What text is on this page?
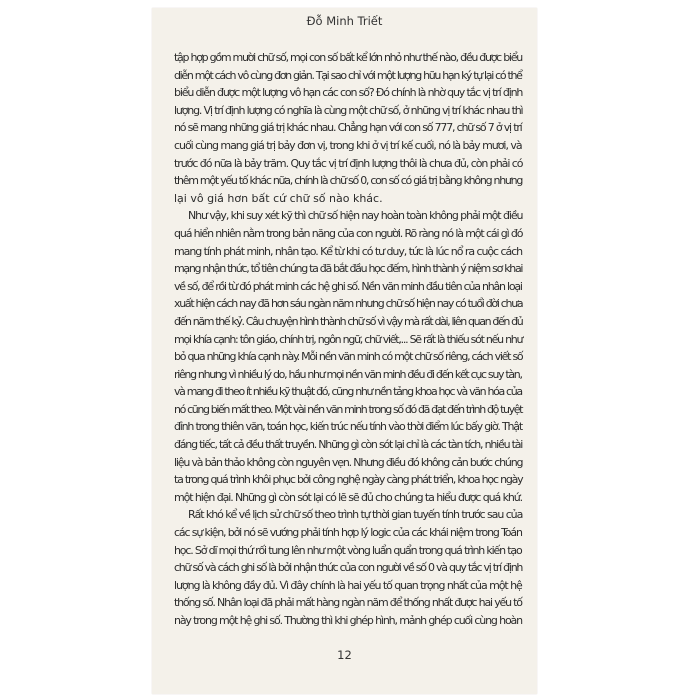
Đỗ Minh Triết
tập hợp gồm mười chữ số, mọi con số bất kể lớn nhỏ như thế nào, đều được biểu
diễn một cách vô cùng đơn giản. Tại sao chỉ với một lượng hữu hạn ký tự lại có thể
biểu diễn được một lượng vô hạn các con số? Đó chính là nhờ quy tắc vị trí định
lượng. Vị trí định lượng có nghĩa là cùng một chữ số, ở những vị trí khác nhau thì
nó sẽ mang những giá trị khác nhau. Chẳng hạn với con số 777, chữ số 7 ở vị trí
cuối cùng mang giá trị bảy đơn vị, trong khi ở vị trí kế cuối, nó là bảy mươi, và
trước đó nữa là bảy trăm. Quy tắc vị trí định lượng thôi là chưa đủ, còn phải có
thêm một yếu tố khác nữa, chính là chữ số 0, con số có giá trị bằng không nhưng
lại vô giá hơn bất cứ chữ số nào khác.
Như vậy, khi suy xét kỹ thì chữ số hiện nay hoàn toàn không phải một điều
quá hiển nhiên nằm trong bản năng của con người. Rõ ràng nó là một cái gì đó
mang tính phát minh, nhân tạo. Kể từ khi có tư duy, tức là lúc nổ ra cuộc cách
mạng nhận thức, tổ tiên chúng ta đã bắt đầu học đếm, hình thành ý niệm sơ khai
về số, để rồi từ đó phát minh các hệ ghi số. Nền văn minh đầu tiên của nhân loại
xuất hiện cách nay đã hơn sáu ngàn năm nhưng chữ số hiện nay có tuổi đời chưa
đến năm thế kỷ. Câu chuyện hình thành chữ số vì vậy mà rất dài, liên quan đến đủ
mọi khía cạnh: tôn giáo, chính trị, ngôn ngữ, chữ viết,... Sẽ rất là thiếu sót nếu như
bỏ qua những khía cạnh này. Mỗi nền văn minh có một chữ số riêng, cách viết số
riêng nhưng vì nhiều lý do, hầu như mọi nền văn minh đều đi đến kết cục suy tàn,
và mang đi theo ít nhiều kỹ thuật đó, cũng như nền tảng khoa học và văn hóa của
nó cũng biến mất theo. Một vài nền văn minh trong số đó đã đạt đến trình độ tuyệt
đỉnh trong thiên văn, toán học, kiến trúc nếu tính vào thời điểm lúc bấy giờ. Thật
đáng tiếc, tất cả đều thất truyền. Những gì còn sót lại chỉ là các tàn tích, nhiều tài
liệu và bản thảo không còn nguyên vẹn. Nhưng điều đó không cản bước chúng
ta trong quá trình khôi phục bởi công nghệ ngày càng phát triển, khoa học ngày
một hiện đại. Những gì còn sót lại có lẽ sẽ đủ cho chúng ta hiểu được quá khứ.
Rất khó kể về lịch sử chữ số theo trình tự thời gian tuyến tính trước sau của
các sự kiện, bởi nó sẽ vướng phải tính hợp lý logic của các khái niệm trong Toán
học. Sở dĩ mọi thứ rối tung lên như một vòng luẩn quẩn trong quá trình kiến tạo
chữ số và cách ghi số là bởi nhận thức của con người về số 0 và quy tắc vị trí định
lượng là không đầy đủ. Vì đây chính là hai yếu tố quan trọng nhất của một hệ
thống số. Nhân loại đã phải mất hàng ngàn năm để thống nhất được hai yếu tố
này trong một hệ ghi số. Thường thì khi ghép hình, mảnh ghép cuối cùng hoàn
12
